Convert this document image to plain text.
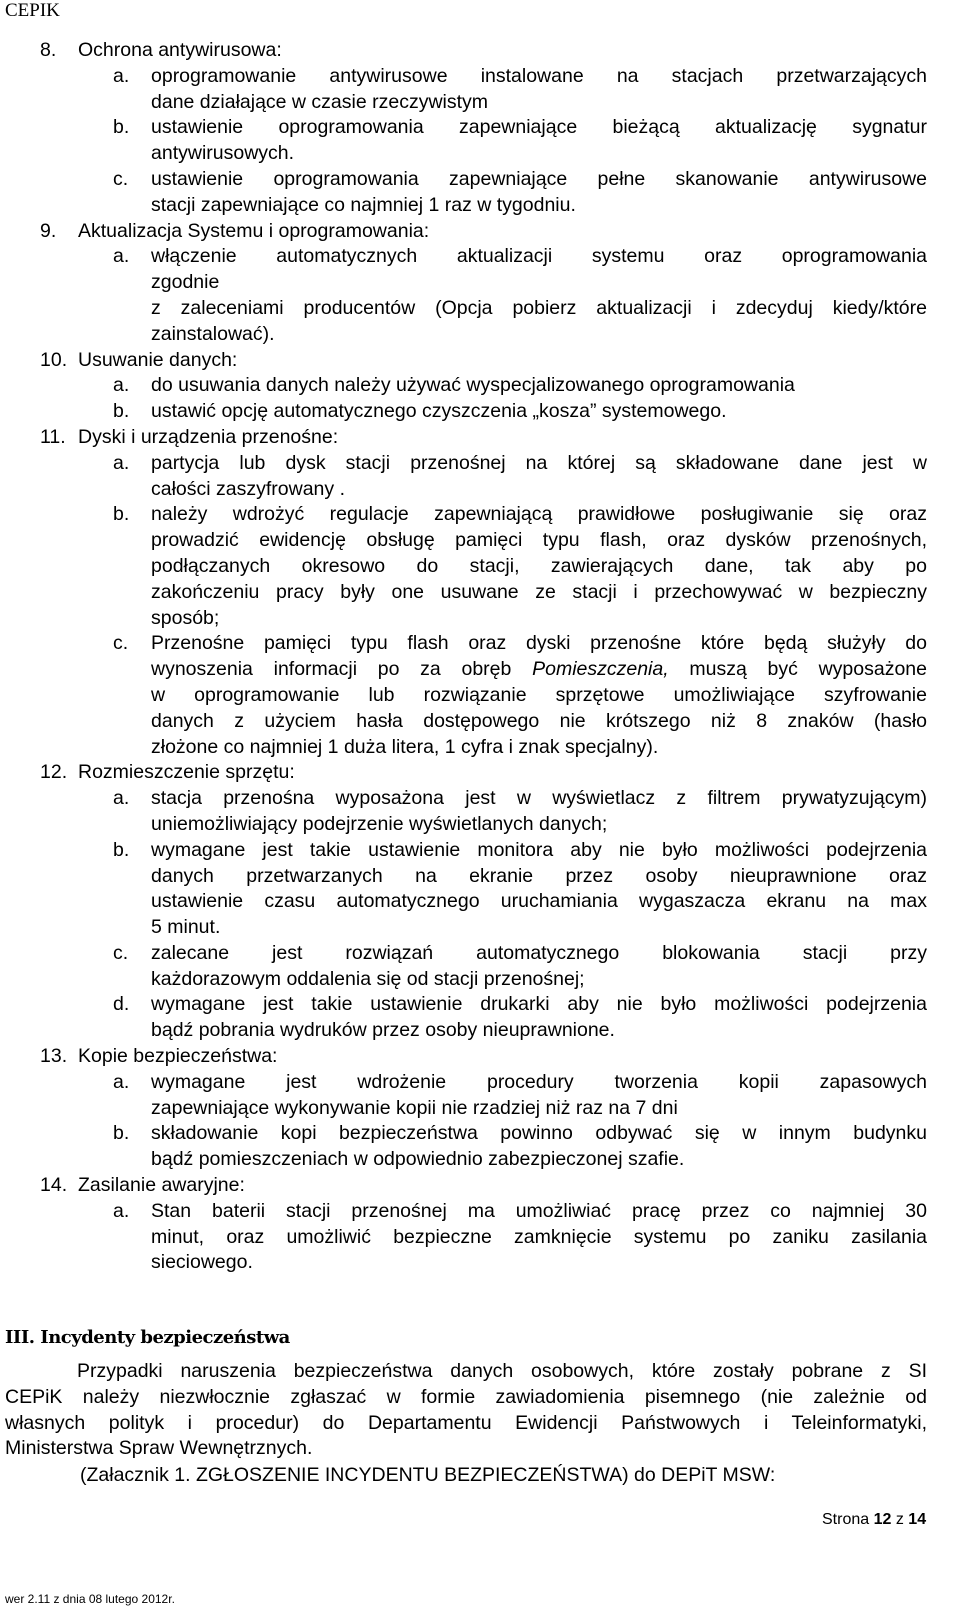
CEPIK
8. Ochrona antywirusowa:
a. oprogramowanie antywirusowe instalowane na stacjach przetwarzających
dane działające w czasie rzeczywistym
b. ustawienie oprogramowania zapewniające bieżącą aktualizację sygnatur
antywirusowych.
c. ustawienie oprogramowania zapewniające pełne skanowanie antywirusowe
stacji zapewniające co najmniej 1 raz w tygodniu.
9. Aktualizacja Systemu i oprogramowania:
a. włączenie automatycznych aktualizacji systemu oraz oprogramowania
zgodnie
z zaleceniami producentów (Opcja pobierz aktualizacji i zdecyduj kiedy/które
zainstalować).
10. Usuwanie danych:
a. do usuwania danych należy używać wyspecjalizowanego oprogramowania
b. ustawić opcję automatycznego czyszczenia „kosza” systemowego.
11. Dyski i urządzenia przenośne:
a. partycja lub dysk stacji przenośnej na której są składowane dane jest w
całości zaszyfrowany .
b. należy wdrożyć regulacje zapewniającą prawidłowe posługiwanie się oraz
prowadzić ewidencję obsługę pamięci typu flash, oraz dysków przenośnych,
podłączanych okresowo do stacji, zawierających dane, tak aby po
zakończeniu pracy były one usuwane ze stacji i przechowywać w bezpieczny
sposób;
c. Przenośne pamięci typu flash oraz dyski przenośne które będą służyły do
wynoszenia informacji po za obręb Pomieszczenia, muszą być wyposażone
w oprogramowanie lub rozwiązanie sprzętowe umożliwiające szyfrowanie
danych z użyciem hasła dostępowego nie krótszego niż 8 znaków (hasło
złożone co najmniej 1 duża litera, 1 cyfra i znak specjalny).
12. Rozmieszczenie sprzętu:
a. stacja przenośna wyposażona jest w wyświetlacz z filtrem prywatyzującym)
uniemożliwiający podejrzenie wyświetlanych danych;
b. wymagane jest takie ustawienie monitora aby nie było możliwości podejrzenia
danych przetwarzanych na ekranie przez osoby nieuprawnione oraz
ustawienie czasu automatycznego uruchamiania wygaszacza ekranu na max
5 minut.
c. zalecane jest rozwiązań automatycznego blokowania stacji przy
każdorazowym oddalenia się od stacji przenośnej;
d. wymagane jest takie ustawienie drukarki aby nie było możliwości podejrzenia
bądź pobrania wydruków przez osoby nieuprawnione.
13. Kopie bezpieczeństwa:
a. wymagane jest wdrożenie procedury tworzenia kopii zapasowych
zapewniające wykonywanie kopii nie rzadziej niż raz na 7 dni
b. składowanie kopi bezpieczeństwa powinno odbywać się w innym budynku
bądź pomieszczeniach w odpowiednio zabezpieczonej szafie.
14. Zasilanie awaryjne:
a. Stan baterii stacji przenośnej ma umożliwiać pracę przez co najmniej 30
minut, oraz umożliwić bezpieczne zamknięcie systemu po zaniku zasilania
sieciowego.
III. Incydenty bezpieczeństwa
Przypadki naruszenia bezpieczeństwa danych osobowych, które zostały pobrane z SI
CEPiK należy niezwłocznie zgłaszać w formie zawiadomienia pisemnego (nie zależnie od
własnych polityk i procedur) do Departamentu Ewidencji Państwowych i Teleinformatyki,
Ministerstwa Spraw Wewnętrznych.
(Załacznik 1. ZGŁOSZENIE INCYDENTU BEZPIECZEŃSTWA) do DEPiT MSW:
Strona 12 z 14
wer 2.11 z dnia 08 lutego 2012r.
